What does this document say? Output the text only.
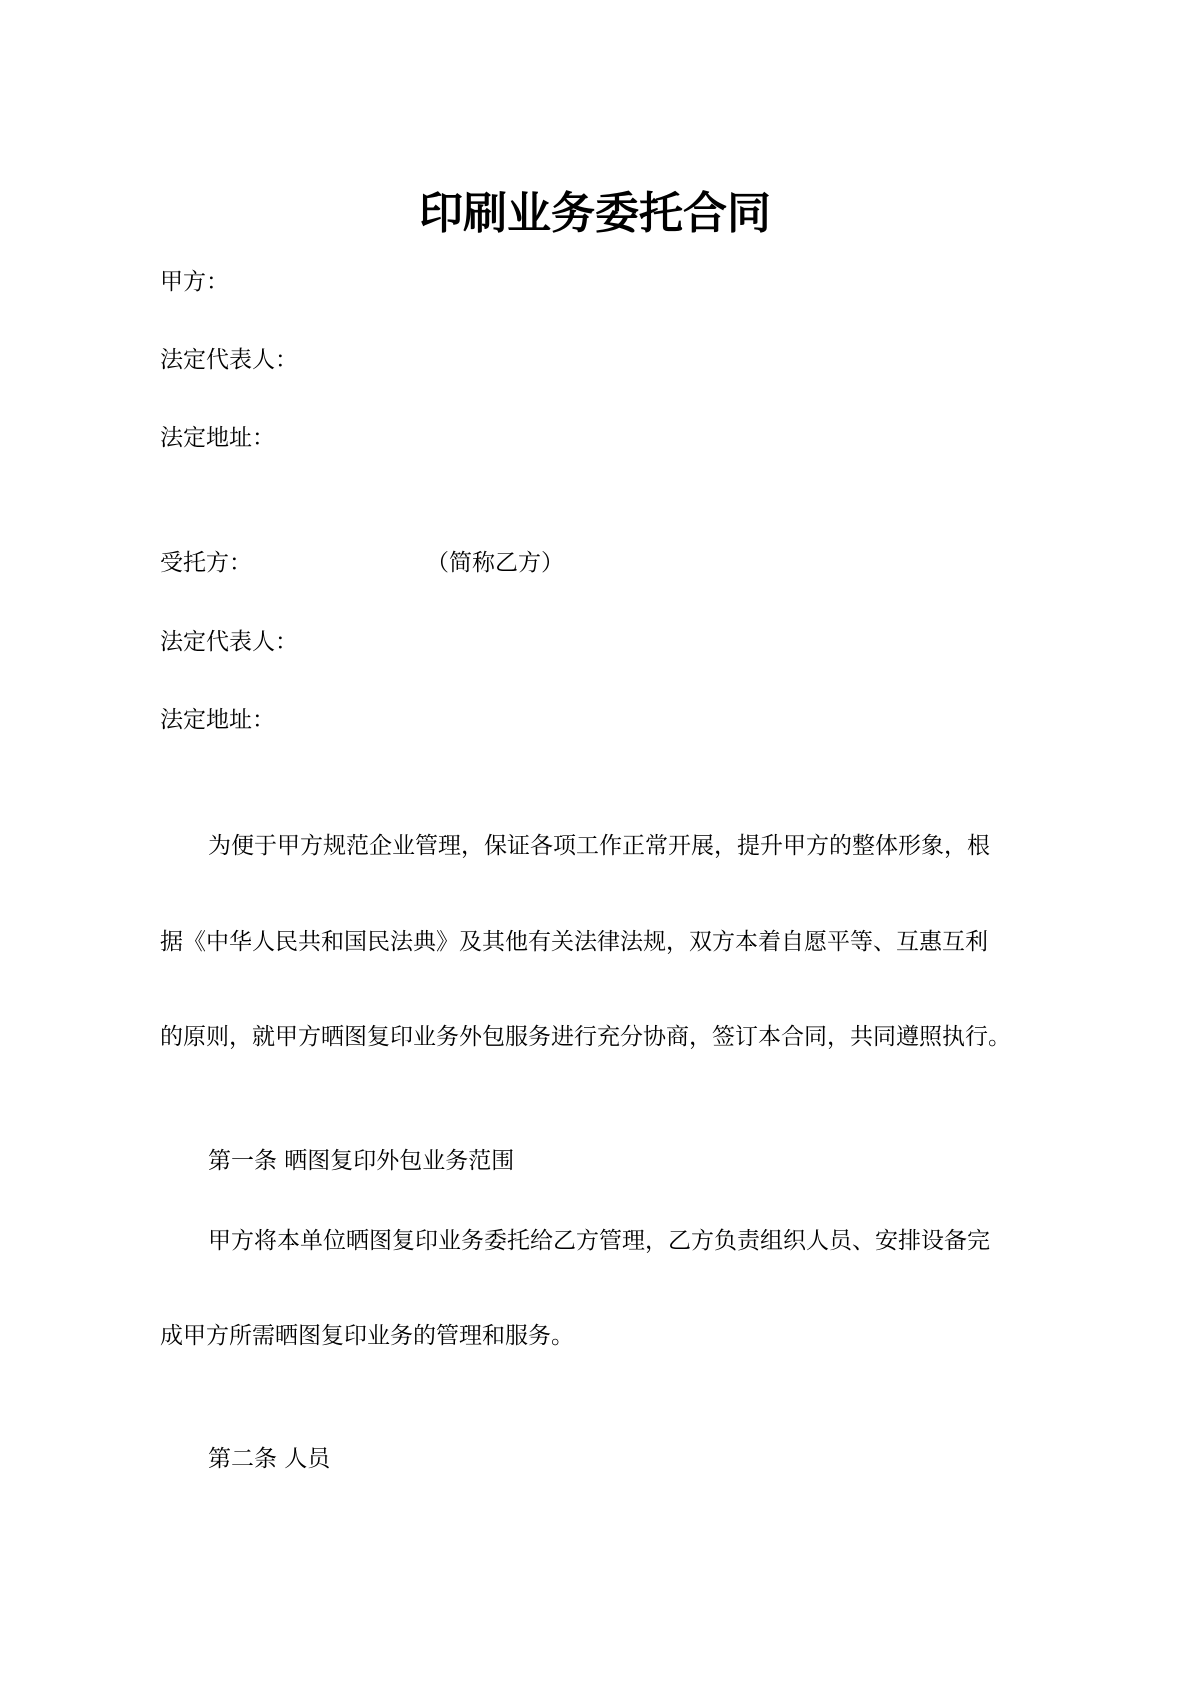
印刷业务委托合同
甲方：
法定代表人：
法定地址：
受托方：	（简称乙方）
法定代表人：
法定地址：
为便于甲方规范企业管理，保证各项工作正常开展，提升甲方的整体形象，根
据《中华人民共和国民法典》及其他有关法律法规，双方本着自愿平等、互惠互利
的原则，就甲方晒图复印业务外包服务进行充分协商，签订本合同，共同遵照执行。
第一条 晒图复印外包业务范围
甲方将本单位晒图复印业务委托给乙方管理，乙方负责组织人员、安排设备完
成甲方所需晒图复印业务的管理和服务。
第二条 人员
